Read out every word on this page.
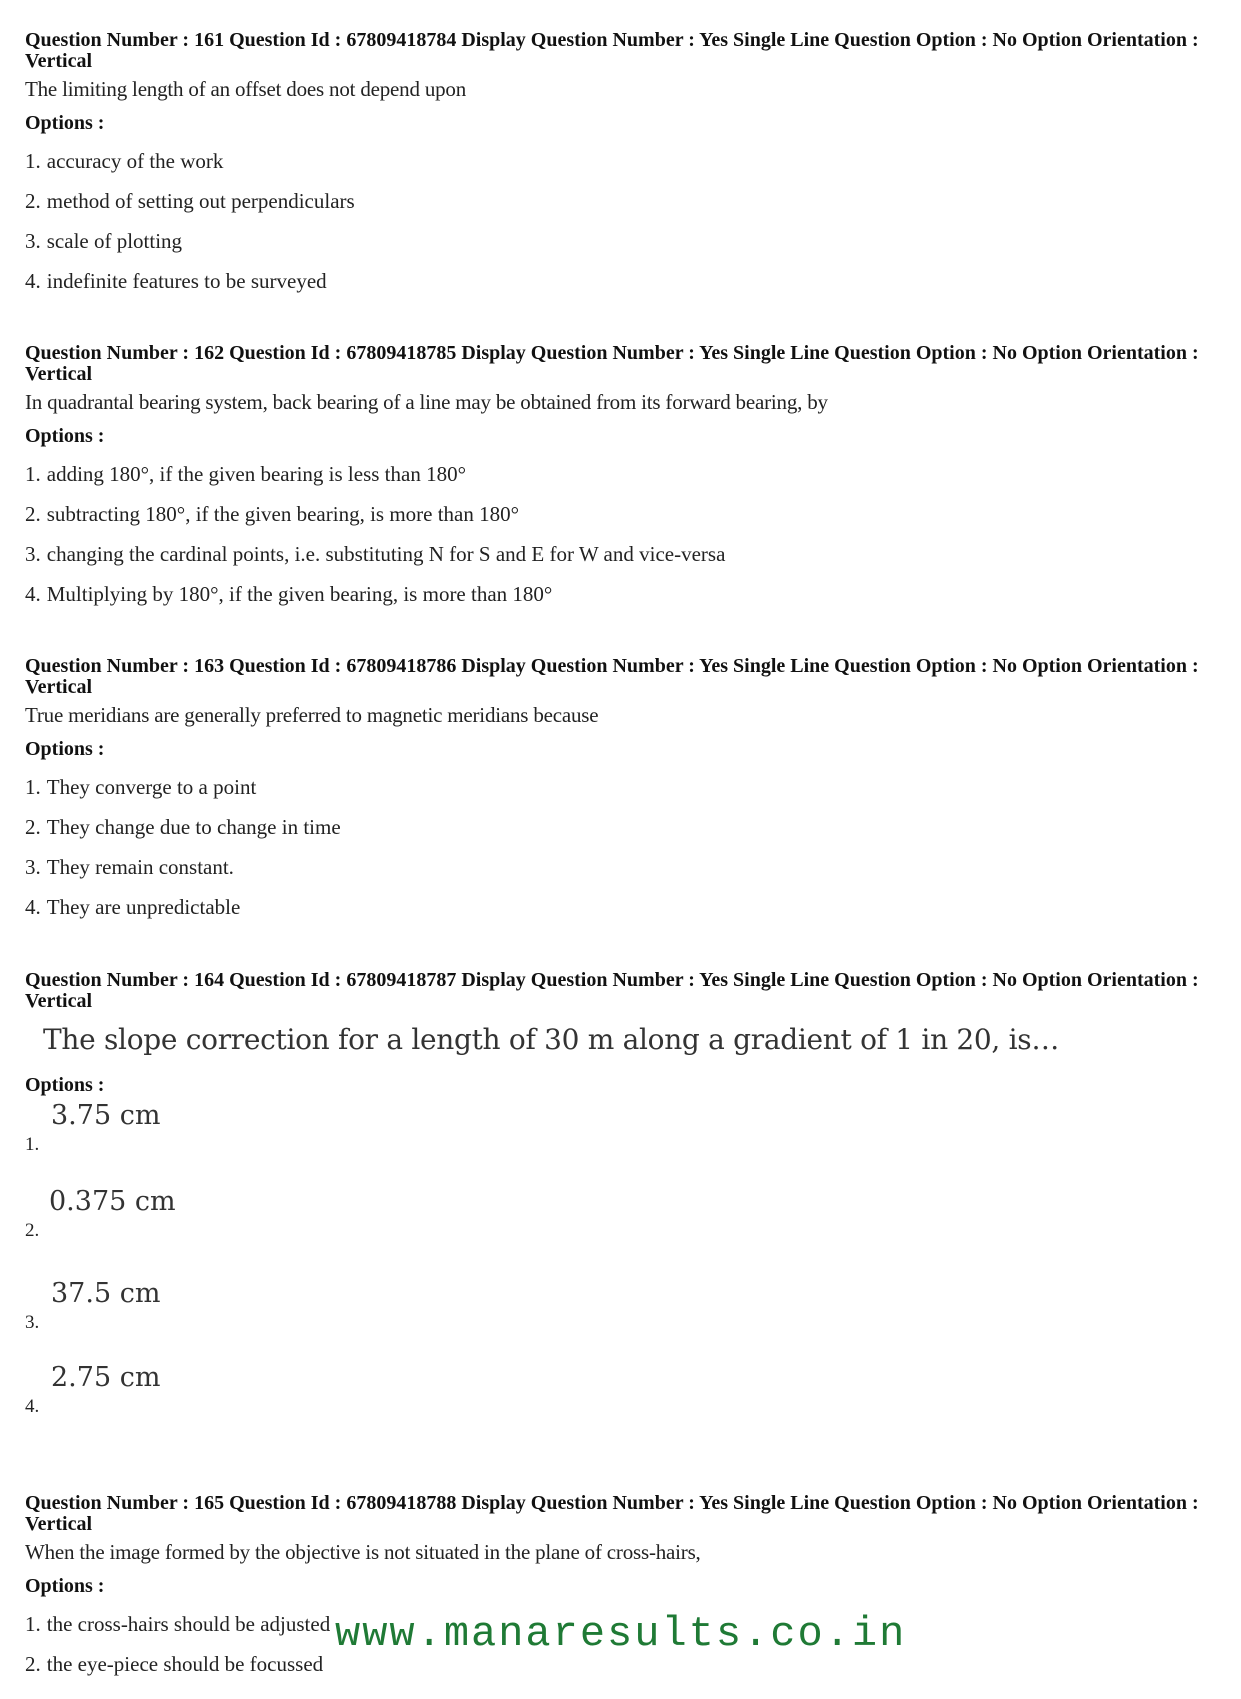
Question Number : 161 Question Id : 67809418784 Display Question Number : Yes Single Line Question Option : No Option Orientation : Vertical
The limiting length of an offset does not depend upon
Options :
1. accuracy of the work
2. method of setting out perpendiculars
3. scale of plotting
4. indefinite features to be surveyed
Question Number : 162 Question Id : 67809418785 Display Question Number : Yes Single Line Question Option : No Option Orientation : Vertical
In quadrantal bearing system, back bearing of a line may be obtained from its forward bearing, by
Options :
1. adding 180°, if the given bearing is less than 180°
2. subtracting 180°, if the given bearing, is more than 180°
3. changing the cardinal points, i.e. substituting N for S and E for W and vice-versa
4. Multiplying by 180°, if the given bearing, is more than 180°
Question Number : 163 Question Id : 67809418786 Display Question Number : Yes Single Line Question Option : No Option Orientation : Vertical
True meridians are generally preferred to magnetic meridians because
Options :
1. They converge to a point
2. They change due to change in time
3. They remain constant.
4. They are unpredictable
Question Number : 164 Question Id : 67809418787 Display Question Number : Yes Single Line Question Option : No Option Orientation : Vertical
The slope correction for a length of 30 m along a gradient of 1 in 20, is…
Options :
1.
3.75 cm
2.
0.375 cm
3.
37.5 cm
4.
2.75 cm
Question Number : 165 Question Id : 67809418788 Display Question Number : Yes Single Line Question Option : No Option Orientation : Vertical
When the image formed by the objective is not situated in the plane of cross-hairs,
Options :
1. the cross-hairs should be adjusted
2. the eye-piece should be focussed
www.manaresults.co.in
